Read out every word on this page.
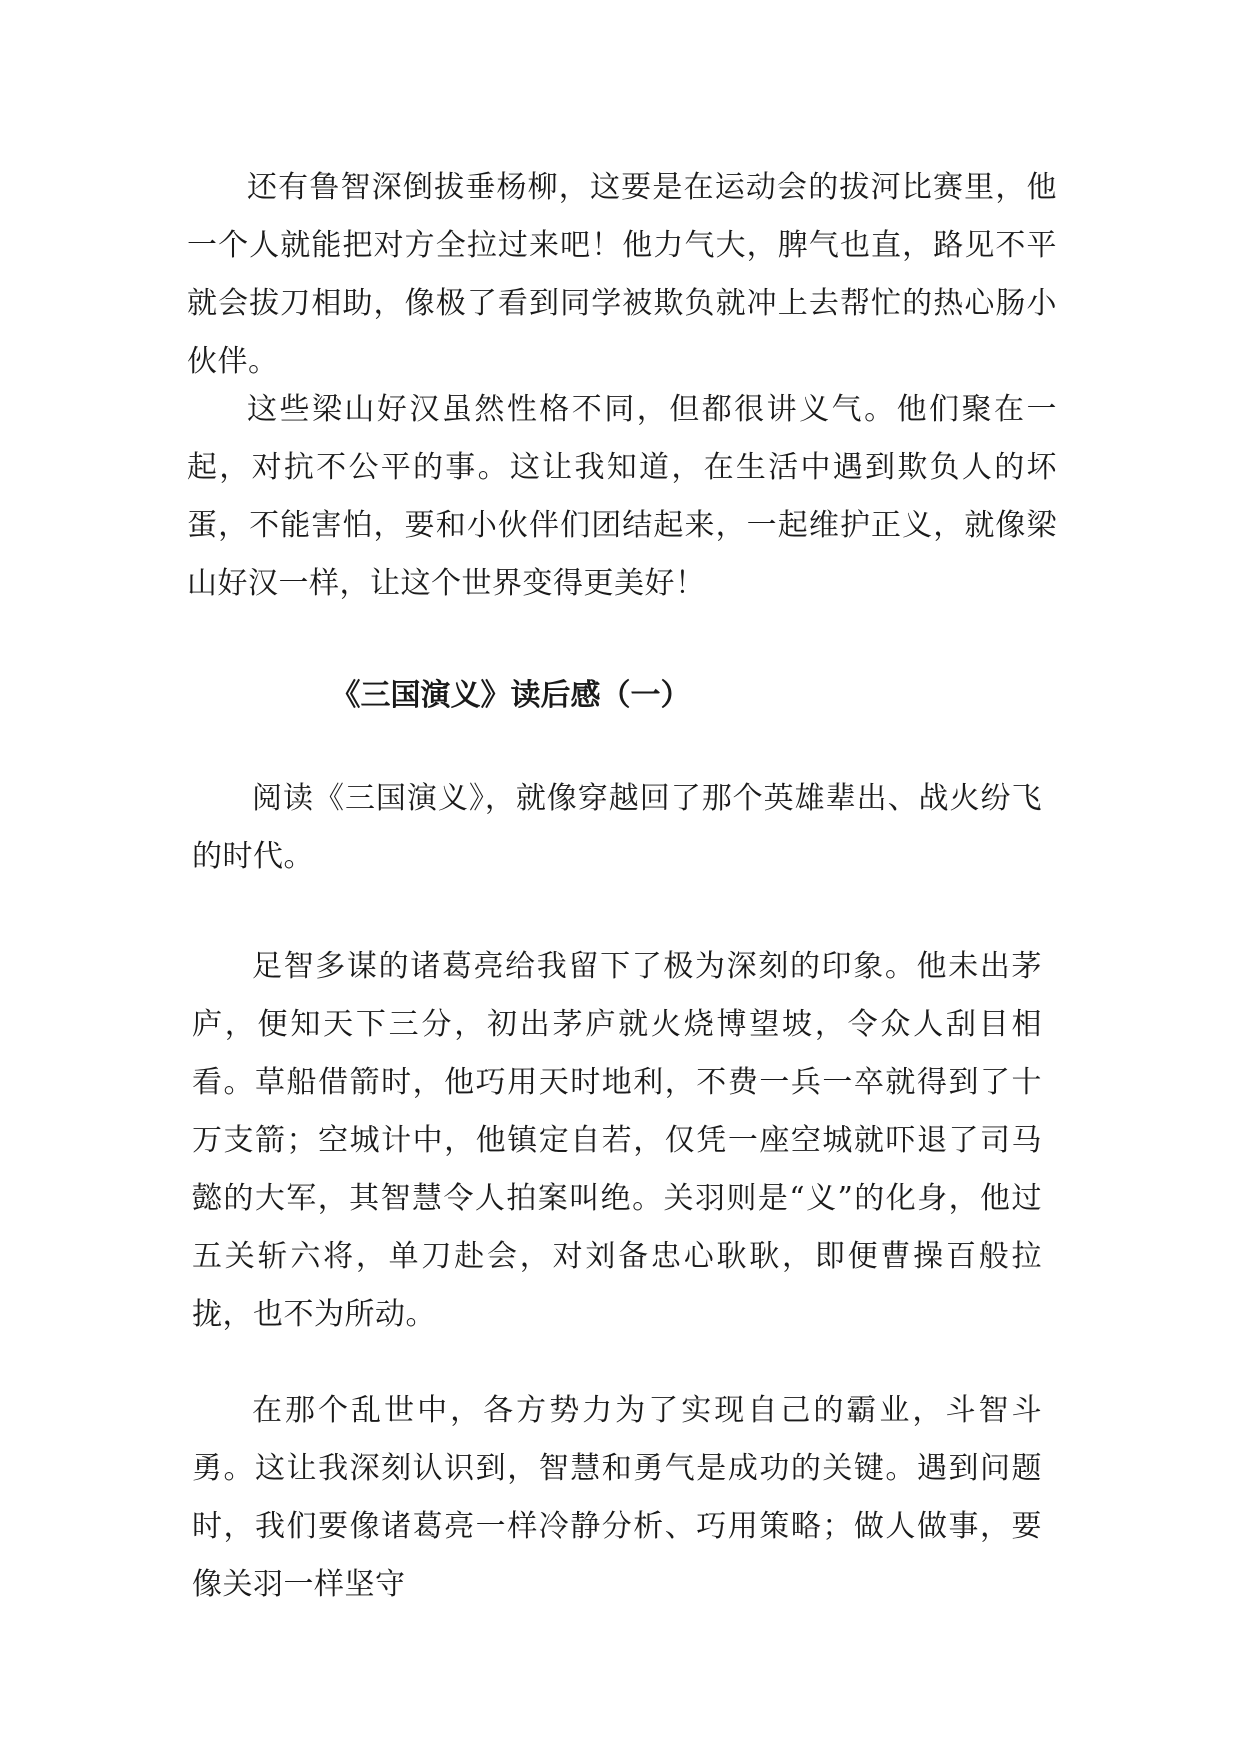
还有鲁智深倒拔垂杨柳，这要是在运动会的拔河比赛里，他一个人就能把对方全拉过来吧！他力气大，脾气也直，路见不平就会拔刀相助，像极了看到同学被欺负就冲上去帮忙的热心肠小伙伴。

这些梁山好汉虽然性格不同，但都很讲义气。他们聚在一起，对抗不公平的事。这让我知道，在生活中遇到欺负人的坏蛋，不能害怕，要和小伙伴们团结起来，一起维护正义，就像梁山好汉一样，让这个世界变得更美好！

《三国演义》读后感（一）

阅读《三国演义》，就像穿越回了那个英雄辈出、战火纷飞的时代。

足智多谋的诸葛亮给我留下了极为深刻的印象。他未出茅庐，便知天下三分，初出茅庐就火烧博望坡，令众人刮目相看。草船借箭时，他巧用天时地利，不费一兵一卒就得到了十万支箭；空城计中，他镇定自若，仅凭一座空城就吓退了司马懿的大军，其智慧令人拍案叫绝。关羽则是“义”的化身，他过五关斩六将，单刀赴会，对刘备忠心耿耿，即便曹操百般拉拢，也不为所动。

在那个乱世中，各方势力为了实现自己的霸业，斗智斗勇。这让我深刻认识到，智慧和勇气是成功的关键。遇到问题时，我们要像诸葛亮一样冷静分析、巧用策略；做人做事，要像关羽一样坚守
